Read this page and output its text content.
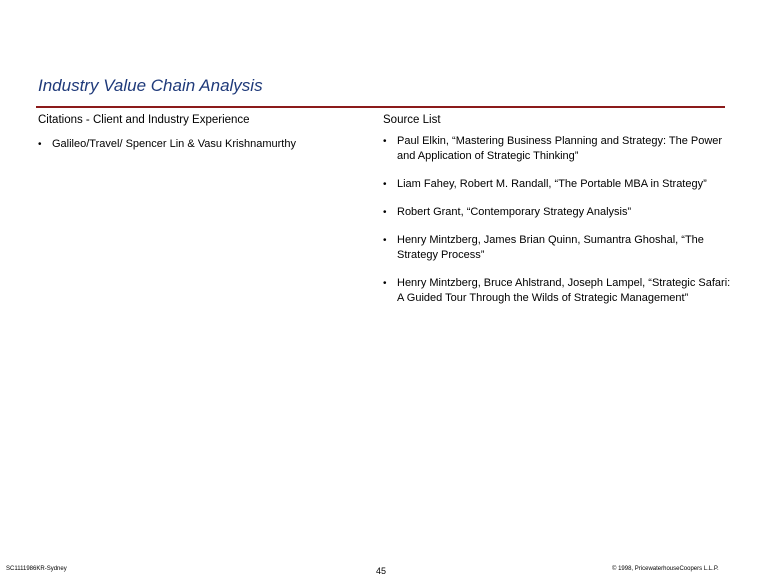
Industry Value Chain Analysis
Citations - Client and Industry Experience	Source List
• Galileo/Travel/ Spencer Lin & Vasu Krishnamurthy	• Paul Elkin, “Mastering Business Planning and Strategy: The Power and Application of Strategic Thinking”
• Liam Fahey, Robert M. Randall, “The Portable MBA in Strategy”
• Robert Grant, “Contemporary Strategy Analysis”
• Henry Mintzberg, James Brian Quinn, Sumantra Ghoshal, “The Strategy Process”
• Henry Mintzberg, Bruce Ahlstrand, Joseph Lampel, “Strategic Safari: A Guided Tour Through the Wilds of Strategic Management”
SC1111986KR-Sydney	45	© 1998, PricewaterhouseCoopers L.L.P.
